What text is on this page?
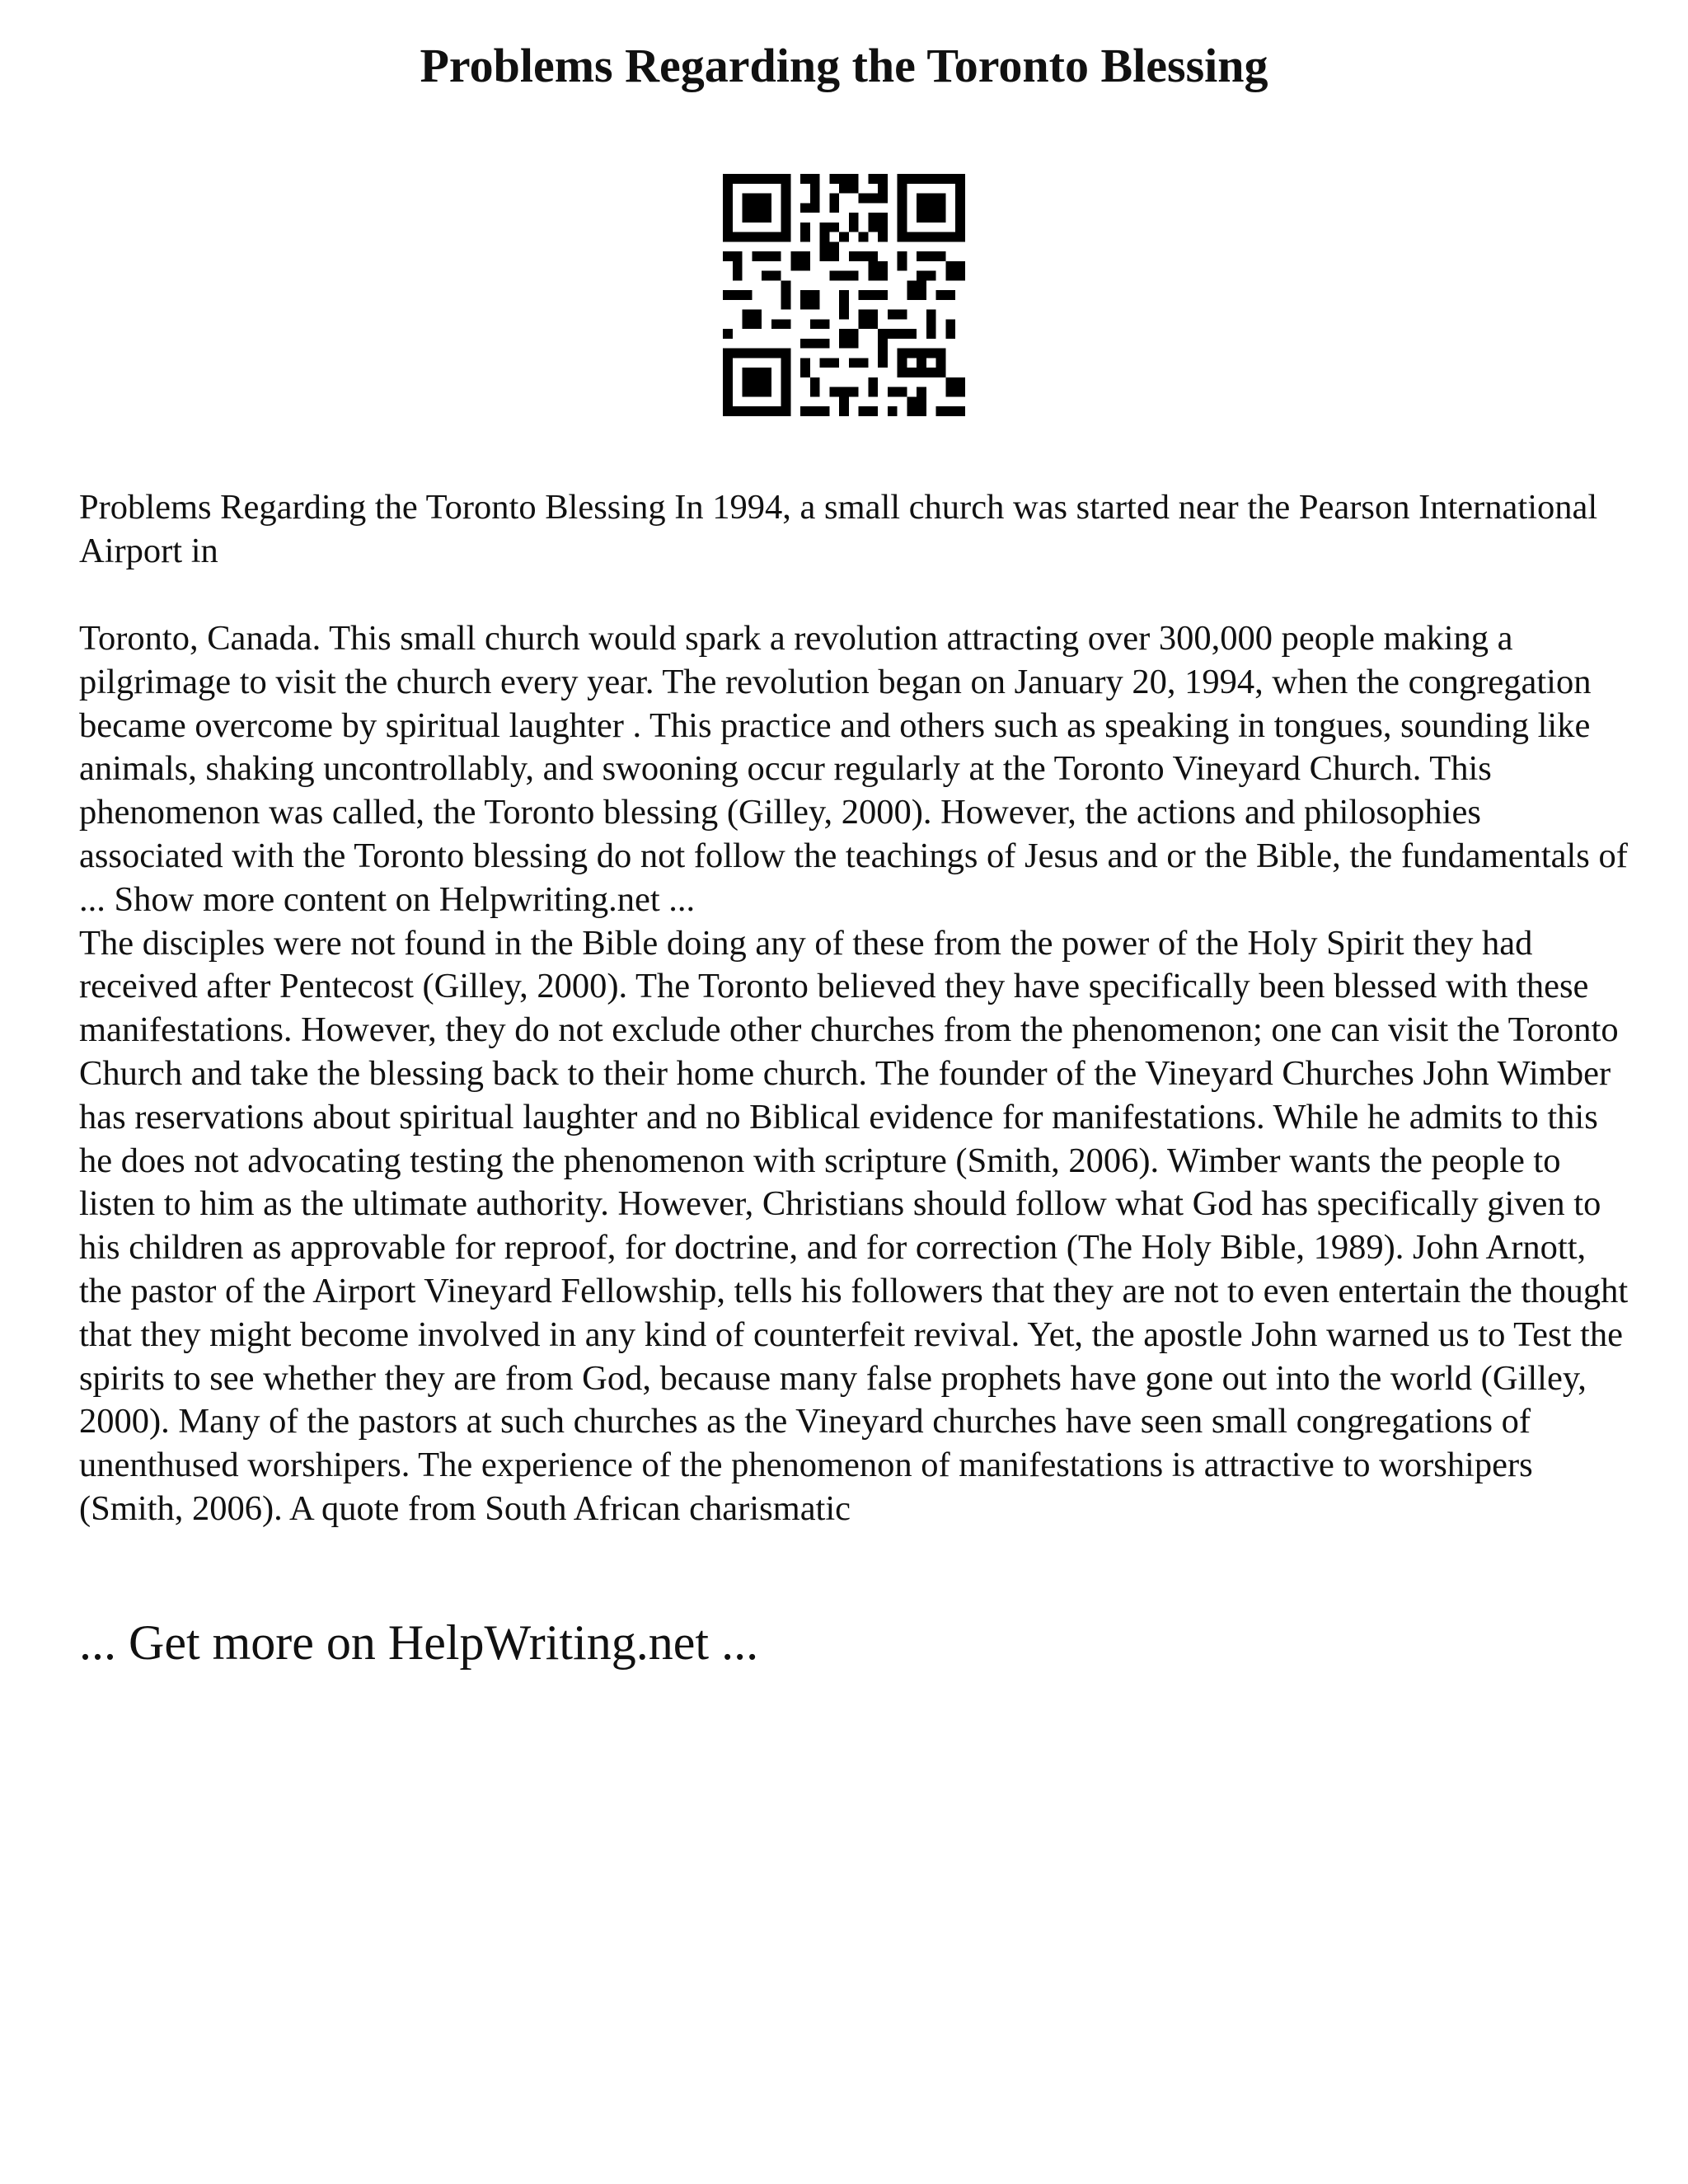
Problems Regarding the Toronto Blessing

Problems Regarding the Toronto Blessing In 1994, a small church was started near the Pearson International Airport in

Toronto, Canada. This small church would spark a revolution attracting over 300,000 people making a pilgrimage to visit the church every year. The revolution began on January 20, 1994, when the congregation became overcome by spiritual laughter . This practice and others such as speaking in tongues, sounding like animals, shaking uncontrollably, and swooning occur regularly at the Toronto Vineyard Church. This phenomenon was called, the Toronto blessing (Gilley, 2000). However, the actions and philosophies associated with the Toronto blessing do not follow the teachings of Jesus and or the Bible, the fundamentals of ... Show more content on Helpwriting.net ...
The disciples were not found in the Bible doing any of these from the power of the Holy Spirit they had received after Pentecost (Gilley, 2000). The Toronto believed they have specifically been blessed with these manifestations. However, they do not exclude other churches from the phenomenon; one can visit the Toronto Church and take the blessing back to their home church. The founder of the Vineyard Churches John Wimber has reservations about spiritual laughter and no Biblical evidence for manifestations. While he admits to this he does not advocating testing the phenomenon with scripture (Smith, 2006). Wimber wants the people to listen to him as the ultimate authority. However, Christians should follow what God has specifically given to his children as approvable for reproof, for doctrine, and for correction (The Holy Bible, 1989). John Arnott, the pastor of the Airport Vineyard Fellowship, tells his followers that they are not to even entertain the thought that they might become involved in any kind of counterfeit revival. Yet, the apostle John warned us to Test the spirits to see whether they are from God, because many false prophets have gone out into the world (Gilley, 2000). Many of the pastors at such churches as the Vineyard churches have seen small congregations of unenthused worshipers. The experience of the phenomenon of manifestations is attractive to worshipers (Smith, 2006). A quote from South African charismatic

... Get more on HelpWriting.net ...
